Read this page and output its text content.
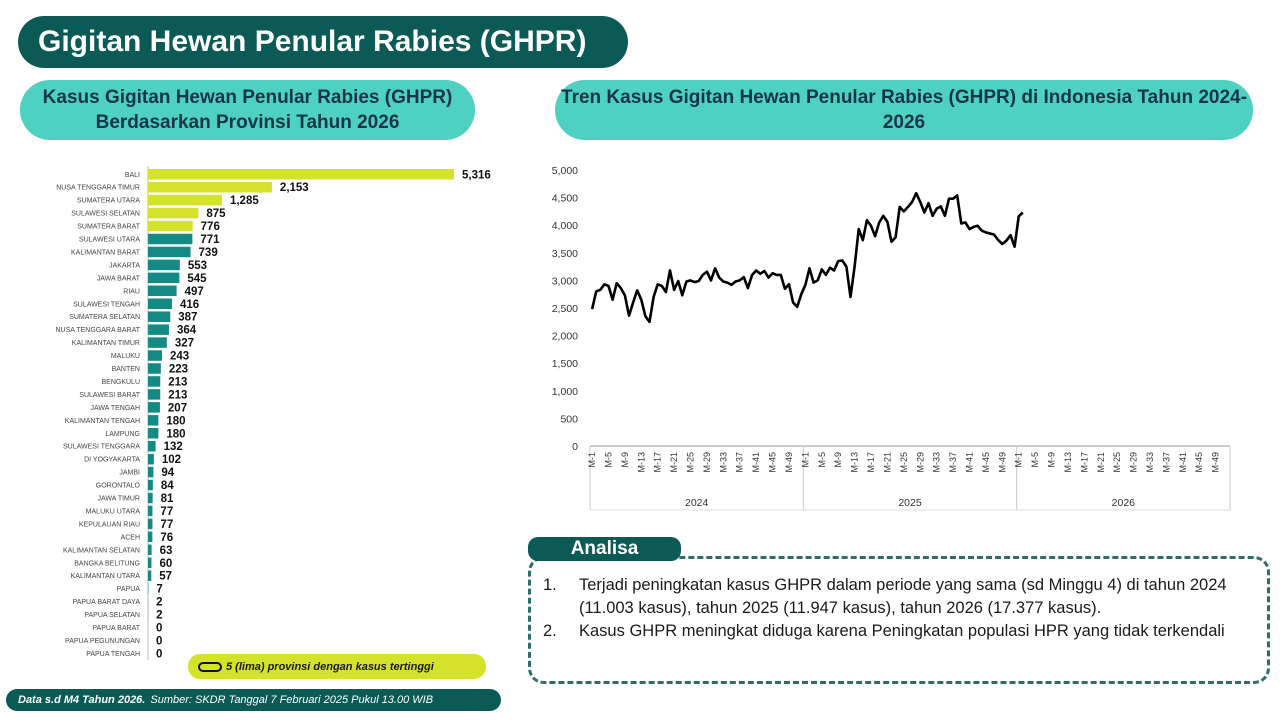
Gigitan Hewan Penular Rabies (GHPR)
Kasus Gigitan Hewan Penular Rabies (GHPR) Berdasarkan Provinsi Tahun 2026
Tren Kasus Gigitan Hewan Penular Rabies (GHPR) di Indonesia Tahun 2024-2026
BALI	5,316
NUSA TENGGARA TIMUR	2,153
SUMATERA UTARA	1,285
SULAWESI SELATAN	875
SUMATERA BARAT	776
SULAWESI UTARA	771
KALIMANTAN BARAT	739
JAKARTA	553
JAWA BARAT	545
RIAU	497
SULAWESI TENGAH	416
SUMATERA SELATAN	387
NUSA TENGGARA BARAT	364
KALIMANTAN TIMUR	327
MALUKU	243
BANTEN	223
BENGKULU 213
SULAWESI BARAT 213
JAWA TENGAH 207
KALIMANTAN TENGAH 180
LAMPUNG 180
SULAWESI TENGGARA 132
DI YOGYAKARTA 102
JAMBI 94
GORONTALO 84
JAWA TIMUR 81
MALUKU UTARA 77
KEPULAUAN RIAU 77
ACEH 76
KALIMANTAN SELATAN 63
BANGKA BELITUNG 60
KALIMANTAN UTARA 57
PAPUA 7
PAPUA BARAT DAYA 2
PAPUA SELATAN 2
PAPUA BARAT 0
PAPUA PEGUNUNGAN 0
PAPUA TENGAH 0
5 (lima) provinsi dengan kasus tertinggi
Data s.d M4 Tahun 2026. Sumber: SKDR Tanggal 7 Februari 2025 Pukul 13.00 WIB
5,000
4,500
4,000
3,500
3,000
2,500
2,000
1,500
1,000
500
0
M-1 M-5 M-9 M-13 M-17 M-21 M-25 M-29 M-33 M-37 M-41 M-45 M-49
2024
M-1 M-5 M-9 M-13 M-17 M-21 M-25 M-29 M-33 M-37 M-41 M-45 M-49
2025
M-1 M-5 M-9 M-13 M-17 M-21 M-25 M-29 M-33 M-37 M-41 M-45 M-49
2026
Analisa
1.	Terjadi peningkatan kasus GHPR dalam periode yang sama (sd Minggu 4) di tahun 2024 (11.003 kasus), tahun 2025 (11.947 kasus), tahun 2026 (17.377 kasus).
2.	Kasus GHPR meningkat diduga karena Peningkatan populasi HPR yang tidak terkendali
